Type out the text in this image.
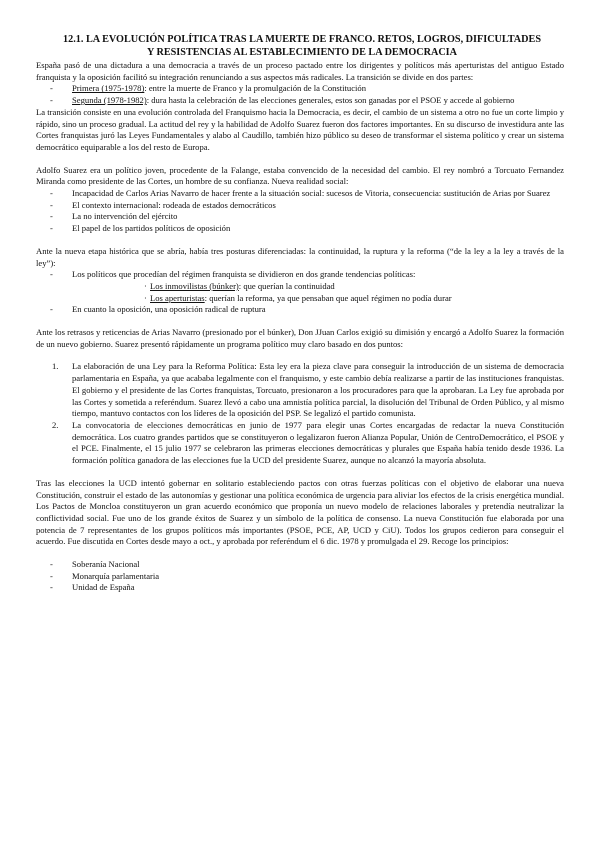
12.1. LA EVOLUCIÓN POLÍTICA TRAS LA MUERTE DE FRANCO. RETOS, LOGROS, DIFICULTADES
Y RESISTENCIAS AL ESTABLECIMIENTO DE LA DEMOCRACIA

España pasó de una dictadura a una democracia a través de un proceso pactado entre los dirigentes y políticos más aperturistas del antiguo Estado franquista y la oposición facilitó su integración renunciando a sus aspectos más radicales. La transición se divide en dos partes:

- Primera (1975-1978): entre la muerte de Franco y la promulgación de la Constitución
- Segunda (1978-1982): dura hasta la celebración de las elecciones generales, estos son ganadas por el PSOE y accede al gobierno

La transición consiste en una evolución controlada del Franquismo hacia la Democracia, es decir, el cambio de un sistema a otro no fue un corte limpio y rápido, sino un proceso gradual. La actitud del rey y la habilidad de Adolfo Suarez fueron dos factores importantes. En su discurso de investidura ante las Cortes franquistas juró las Leyes Fundamentales y alabo al Caudillo, también hizo público su deseo de transformar el sistema político y crear un sistema democrático equiparable a los del resto de Europa.

Adolfo Suarez era un político joven, procedente de la Falange, estaba convencido de la necesidad del cambio. El rey nombró a Torcuato Fernandez Miranda como presidente de las Cortes, un hombre de su confianza. Nueva realidad social:

- Incapacidad de Carlos Arias Navarro de hacer frente a la situación social: sucesos de Vitoria, consecuencia: sustitución de Arias por Suarez
- El contexto internacional: rodeada de estados democráticos
- La no intervención del ejército
- El papel de los partidos políticos de oposición

Ante la nueva etapa histórica que se abría, había tres posturas diferenciadas: la continuidad, la ruptura y la reforma (“de la ley a la ley a través de la ley”):

- Los políticos que procedían del régimen franquista se dividieron en dos grande tendencias políticas:
· Los inmovilistas (búnker): que querían la continuidad
· Los aperturistas: querían la reforma, ya que pensaban que aquel régimen no podía durar
- En cuanto la oposición, una oposición radical de ruptura

Ante los retrasos y reticencias de Arias Navarro (presionado por el búnker), Don JJuan Carlos exigió su dimisión y encargó a Adolfo Suarez la formación de un nuevo gobierno. Suarez presentó rápidamente un programa político muy claro basado en dos puntos:

1. La elaboración de una Ley para la Reforma Política: Esta ley era la pieza clave para conseguir la introducción de un sistema de democracia parlamentaria en España, ya que acababa legalmente con el franquismo, y este cambio debía realizarse a partir de las instituciones franquistas. El gobierno y el presidente de las Cortes franquistas, Torcuato, presionaron a los procuradores para que la aprobaran. La Ley fue aprobada por las Cortes y sometida a referéndum. Suarez llevó a cabo una amnistía política parcial, la disolución del Tribunal de Orden Público, y al mismo tiempo, mantuvo contactos con los líderes de la oposición del PSP. Se legalizó el partido comunista.
2. La convocatoria de elecciones democráticas en junio de 1977 para elegir unas Cortes encargadas de redactar la nueva Constitución democrática. Los cuatro grandes partidos que se constituyeron o legalizaron fueron Alianza Popular, Unión de CentroDemocrático, el PSOE y el PCE. Finalmente, el 15 julio 1977 se celebraron las primeras elecciones democráticas y plurales que España había tenido desde 1936. La formación política ganadora de las elecciones fue la UCD del presidente Suarez, aunque no alcanzó la mayoría absoluta.

Tras las elecciones la UCD intentó gobernar en solitario estableciendo pactos con otras fuerzas políticas con el objetivo de elaborar una nueva Constitución, construir el estado de las autonomías y gestionar una política económica de urgencia para aliviar los efectos de la crisis energética mundial. Los Pactos de Moncloa constituyeron un gran acuerdo económico que proponía un nuevo modelo de relaciones laborales y pretendía neutralizar la conflictividad social. Fue uno de los grande éxitos de Suarez y un símbolo de la política de consenso. La nueva Constitución fue elaborada por una potencia de 7 representantes de los grupos políticos más importantes (PSOE, PCE, AP, UCD y CiU). Todos los grupos cedieron para conseguir el acuerdo. Fue discutida en Cortes desde mayo a oct., y aprobada por referéndum el 6 dic. 1978 y promulgada el 29. Recoge los principios:

- Soberanía Nacional
- Monarquía parlamentaria
- Unidad de España
